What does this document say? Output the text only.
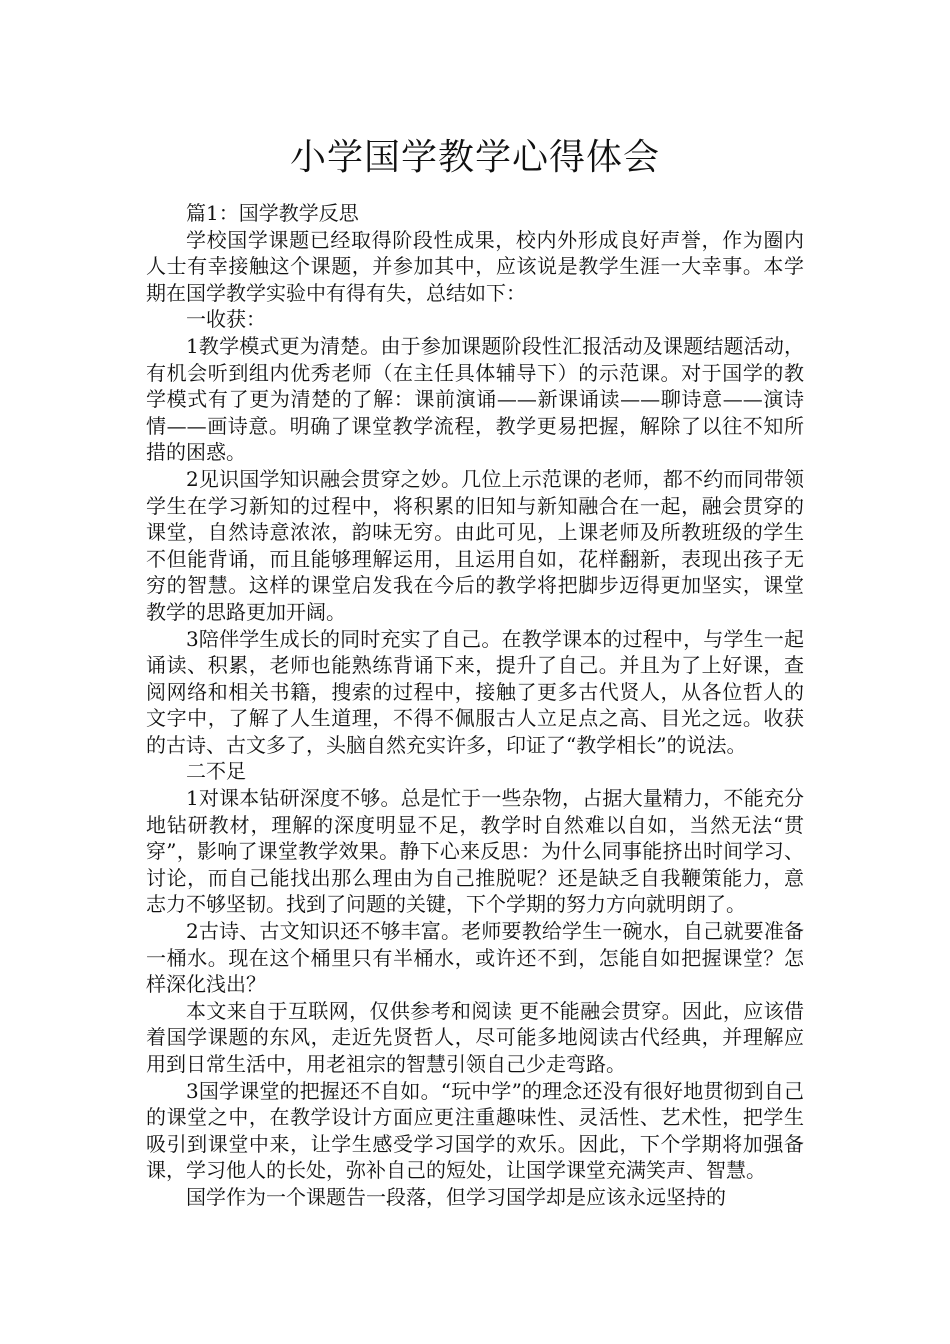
小学国学教学心得体会

篇1：国学教学反思

学校国学课题已经取得阶段性成果，校内外形成良好声誉，作为圈内人士有幸接触这个课题，并参加其中，应该说是教学生涯一大幸事。本学期在国学教学实验中有得有失，总结如下：

一收获：

1教学模式更为清楚。由于参加课题阶段性汇报活动及课题结题活动，有机会听到组内优秀老师（在主任具体辅导下）的示范课。对于国学的教学模式有了更为清楚的了解：课前演诵——新课诵读——聊诗意——演诗情——画诗意。明确了课堂教学流程，教学更易把握，解除了以往不知所措的困惑。

2见识国学知识融会贯穿之妙。几位上示范课的老师，都不约而同带领学生在学习新知的过程中，将积累的旧知与新知融合在一起，融会贯穿的课堂，自然诗意浓浓，韵味无穷。由此可见，上课老师及所教班级的学生不但能背诵，而且能够理解运用，且运用自如，花样翻新，表现出孩子无穷的智慧。这样的课堂启发我在今后的教学将把脚步迈得更加坚实，课堂教学的思路更加开阔。

3陪伴学生成长的同时充实了自己。在教学课本的过程中，与学生一起诵读、积累，老师也能熟练背诵下来，提升了自己。并且为了上好课，查阅网络和相关书籍，搜索的过程中，接触了更多古代贤人，从各位哲人的文字中，了解了人生道理，不得不佩服古人立足点之高、目光之远。收获的古诗、古文多了，头脑自然充实许多，印证了“教学相长”的说法。

二不足

1对课本钻研深度不够。总是忙于一些杂物，占据大量精力，不能充分地钻研教材，理解的深度明显不足，教学时自然难以自如，当然无法“贯穿”，影响了课堂教学效果。静下心来反思：为什么同事能挤出时间学习、讨论，而自己能找出那么理由为自己推脱呢？还是缺乏自我鞭策能力，意志力不够坚韧。找到了问题的关键，下个学期的努力方向就明朗了。

2古诗、古文知识还不够丰富。老师要教给学生一碗水，自己就要准备一桶水。现在这个桶里只有半桶水，或许还不到，怎能自如把握课堂？怎样深化浅出？

本文来自于互联网，仅供参考和阅读 更不能融会贯穿。因此，应该借着国学课题的东风，走近先贤哲人，尽可能多地阅读古代经典，并理解应用到日常生活中，用老祖宗的智慧引领自己少走弯路。

3国学课堂的把握还不自如。“玩中学”的理念还没有很好地贯彻到自己的课堂之中，在教学设计方面应更注重趣味性、灵活性、艺术性，把学生吸引到课堂中来，让学生感受学习国学的欢乐。因此，下个学期将加强备课，学习他人的长处，弥补自己的短处，让国学课堂充满笑声、智慧。

国学作为一个课题告一段落，但学习国学却是应该永远坚持的
